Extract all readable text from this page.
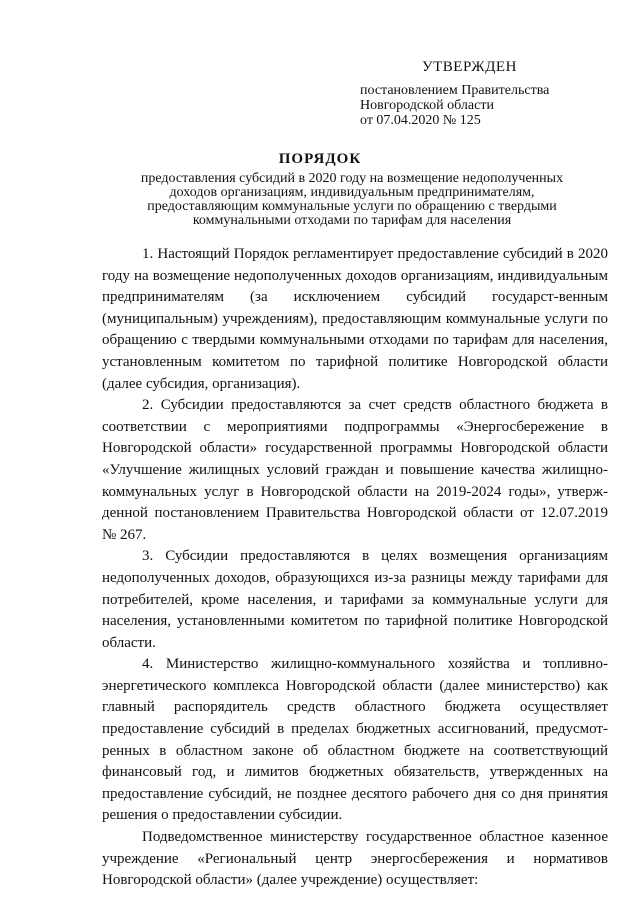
УТВЕРЖДЕН
постановлением Правительства
Новгородской области
от 07.04.2020 № 125
ПОРЯДОК
предоставления субсидий в 2020 году на возмещение недополученных
доходов организациям, индивидуальным предпринимателям,
предоставляющим коммунальные услуги по обращению с твердыми
коммунальными отходами по тарифам для населения

1. Настоящий Порядок регламентирует предоставление субсидий в 2020 году на возмещение недополученных доходов организациям, индивидуальным предпринимателям (за исключением субсидий государст-венным (муниципальным) учреждениям), предоставляющим коммунальные услуги по обращению с твердыми коммунальными отходами по тарифам для населения, установленным комитетом по тарифной политике Новгородской области (далее субсидия, организация).

2. Субсидии предоставляются за счет средств областного бюджета в соответствии с мероприятиями подпрограммы «Энергосбережение в Новгородской области» государственной программы Новгородской области «Улучшение жилищных условий граждан и повышение качества жилищно-коммунальных услуг в Новгородской области на 2019-2024 годы», утверж-денной постановлением Правительства Новгородской области от 12.07.2019 № 267.

3. Субсидии предоставляются в целях возмещения организациям недополученных доходов, образующихся из-за разницы между тарифами для потребителей, кроме населения, и тарифами за коммунальные услуги для населения, установленными комитетом по тарифной политике Новгородской области.

4. Министерство жилищно-коммунального хозяйства и топливно-энергетического комплекса Новгородской области (далее министерство) как главный распорядитель средств областного бюджета осуществляет предоставление субсидий в пределах бюджетных ассигнований, предусмот-ренных в областном законе об областном бюджете на соответствующий финансовый год, и лимитов бюджетных обязательств, утвержденных на предоставление субсидий, не позднее десятого рабочего дня со дня принятия решения о предоставлении субсидии.

Подведомственное министерству государственное областное казенное учреждение «Региональный центр энергосбережения и нормативов Новгородской области» (далее учреждение) осуществляет:
